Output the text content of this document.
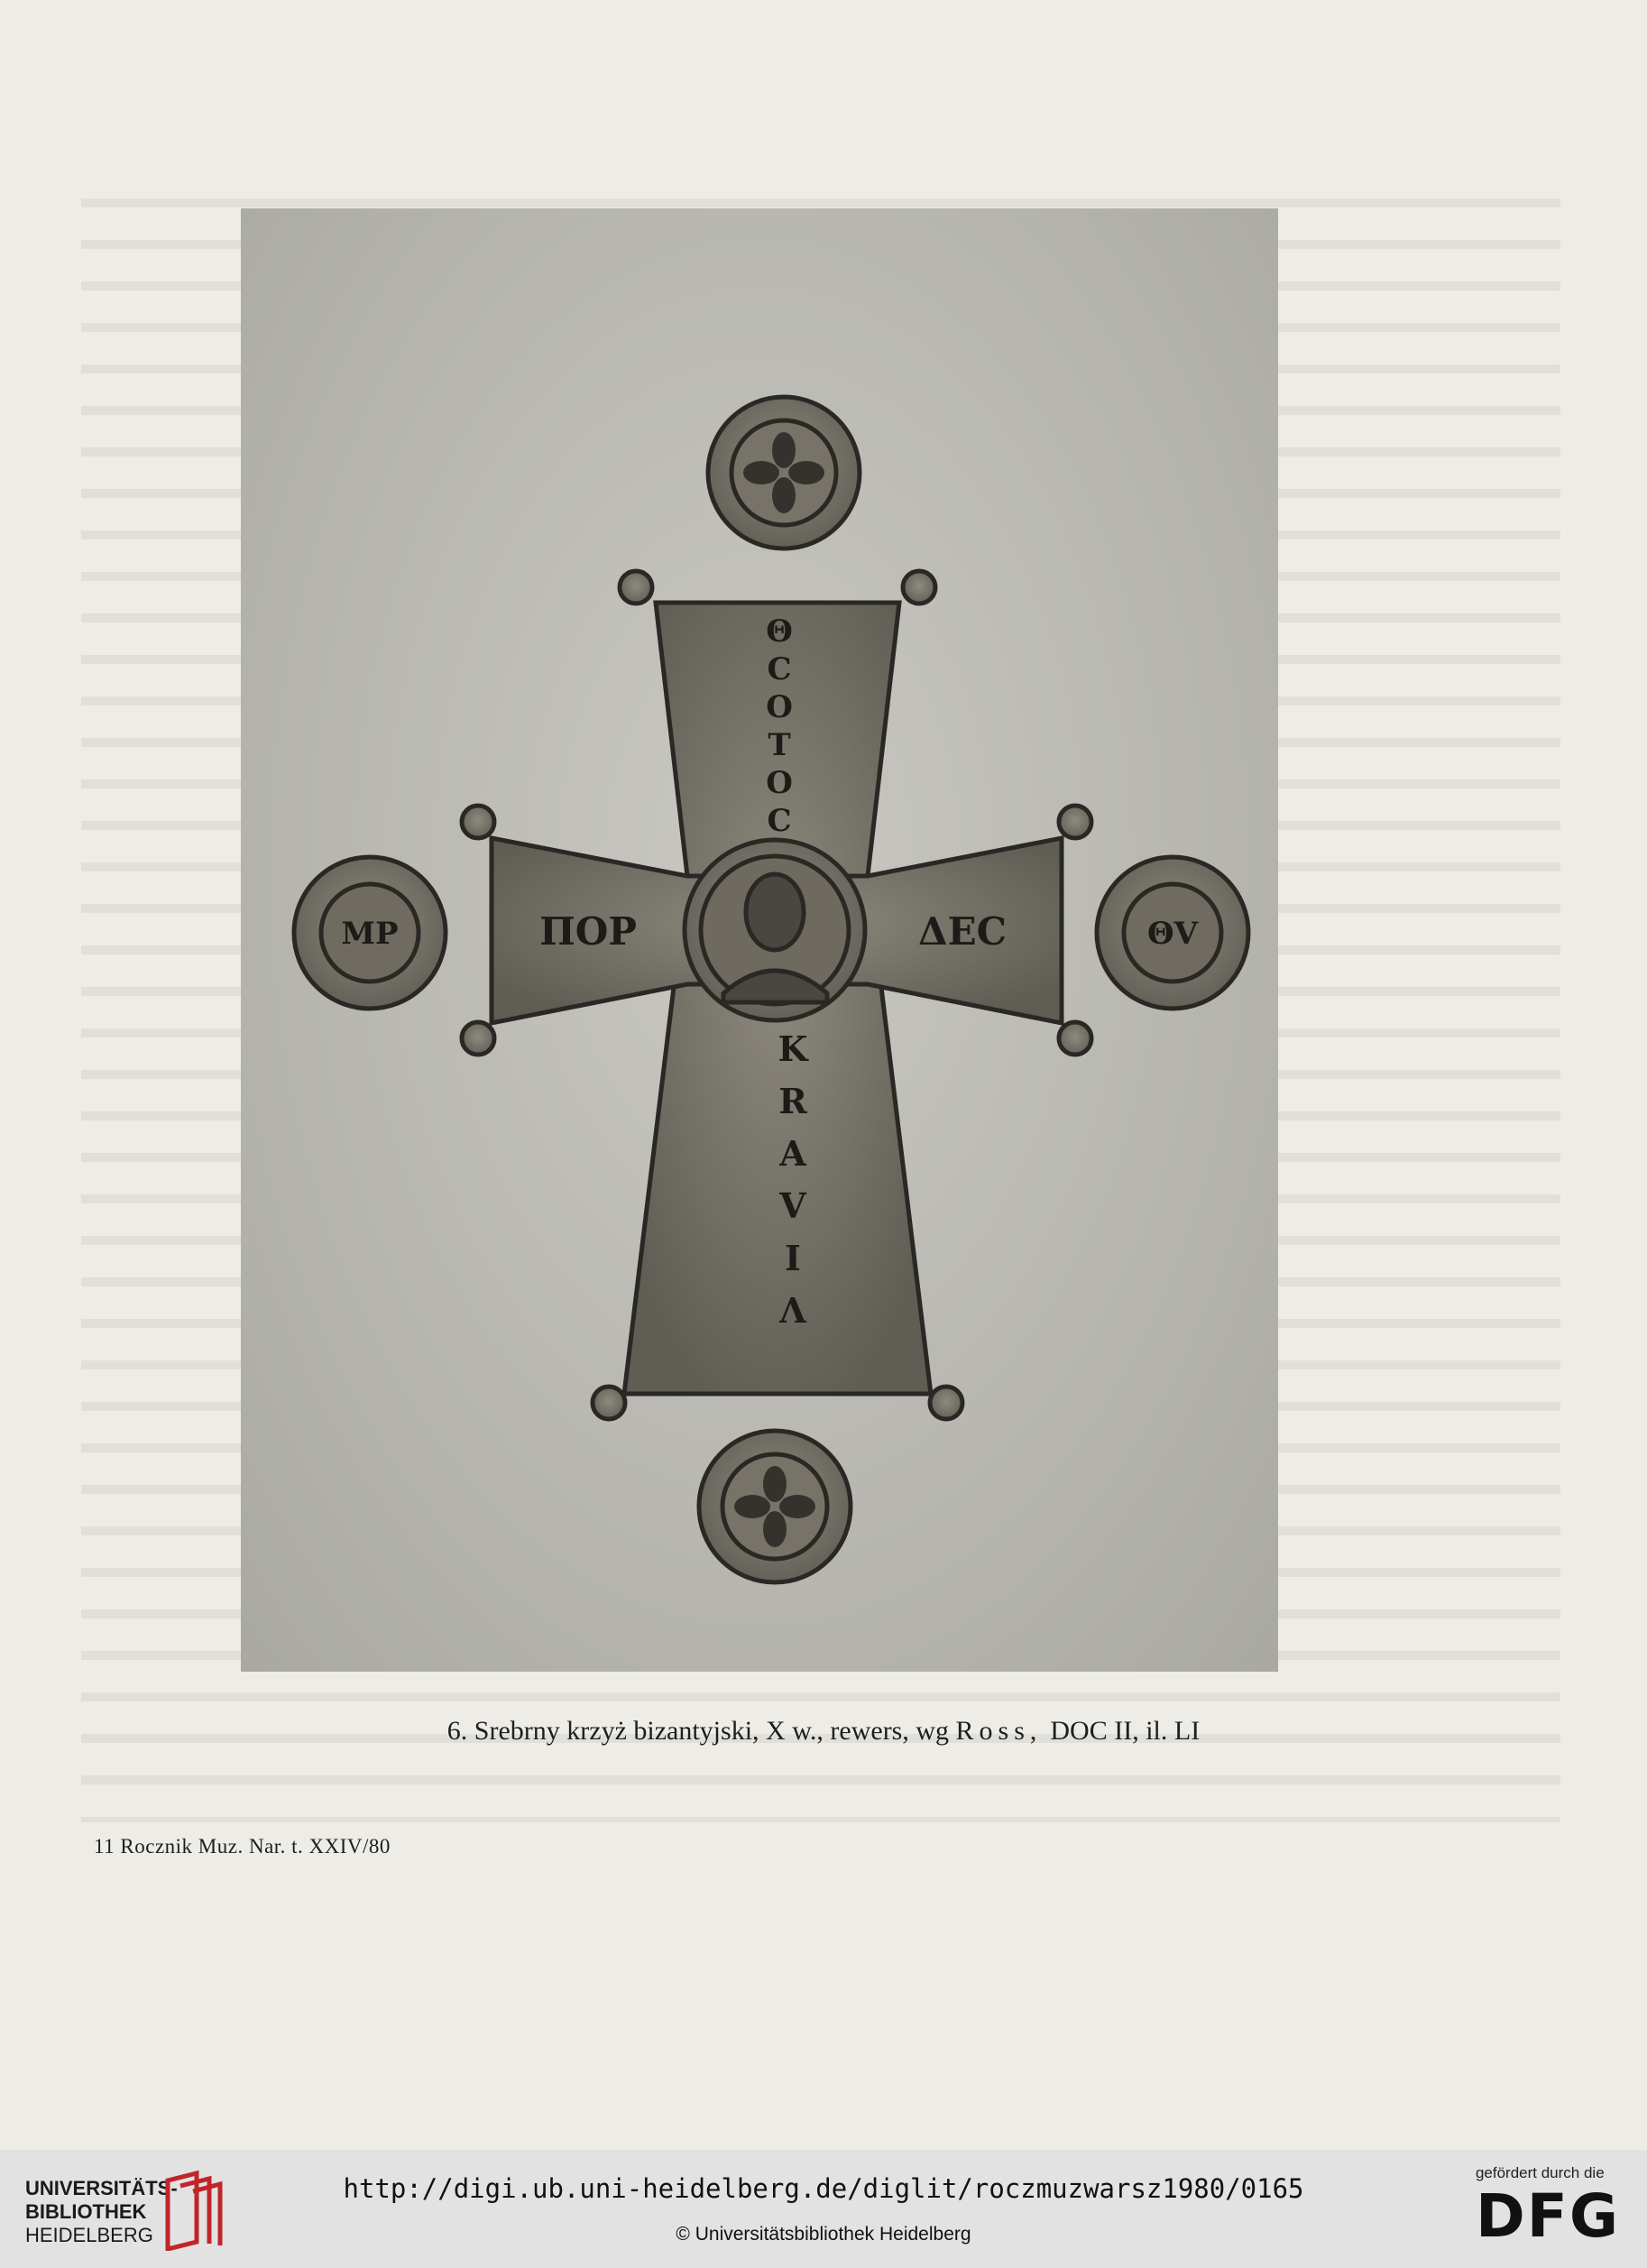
MP	ΘV
ΠΟΡ	ΔΕC
Θ
C
O
T
O
C
K
R
A
V
I
Λ
6. Srebrny krzyż bizantyjski, X w., rewers, wg Ross,  DOC II, il. LI
11 Rocznik Muz. Nar. t. XXIV/80
UNIVERSITÄTS-
BIBLIOTHEK
HEIDELBERG
http://digi.ub.uni-heidelberg.de/diglit/roczmuzwarsz1980/0165
© Universitätsbibliothek Heidelberg
gefördert durch die
DFG
